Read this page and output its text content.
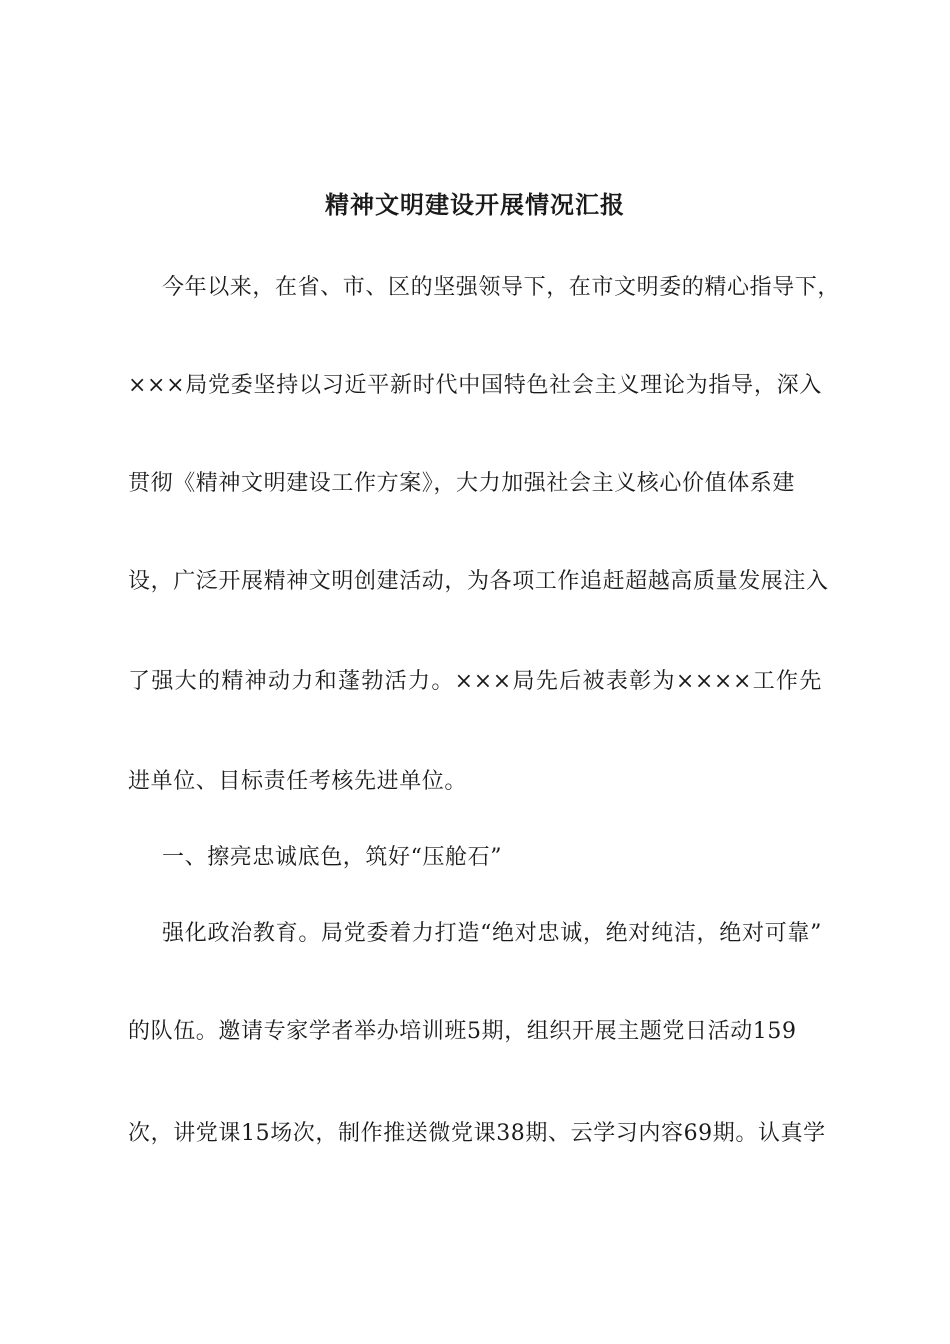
精神文明建设开展情况汇报
今年以来，在省、市、区的坚强领导下，在市文明委的精心指导下，
×××局党委坚持以习近平新时代中国特色社会主义理论为指导，深入
贯彻《精神文明建设工作方案》，大力加强社会主义核心价值体系建
设，广泛开展精神文明创建活动，为各项工作追赶超越高质量发展注入
了强大的精神动力和蓬勃活力。×××局先后被表彰为××××工作先
进单位、目标责任考核先进单位。
一、擦亮忠诚底色，筑好“压舱石”
强化政治教育。局党委着力打造“绝对忠诚，绝对纯洁，绝对可靠”
的队伍。邀请专家学者举办培训班5期，组织开展主题党日活动159
次，讲党课15场次，制作推送微党课38期、云学习内容69期。认真学
